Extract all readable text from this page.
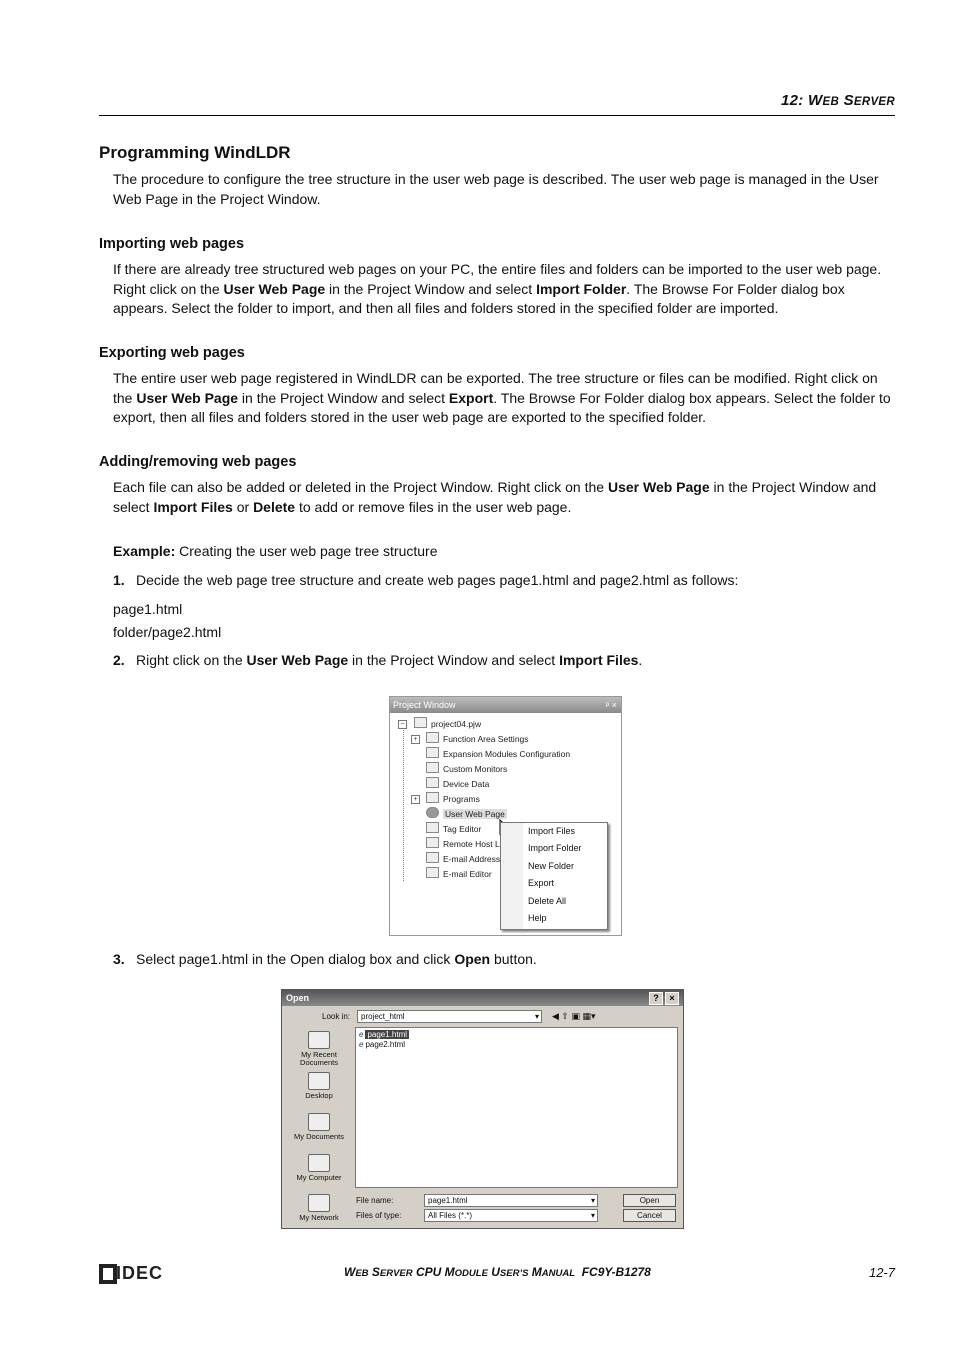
12: WEB SERVER
Programming WindLDR

The procedure to configure the tree structure in the user web page is described. The user web page is managed in the User Web Page in the Project Window.

Importing web pages

If there are already tree structured web pages on your PC, the entire files and folders can be imported to the user web page. Right click on the User Web Page in the Project Window and select Import Folder. The Browse For Folder dialog box appears. Select the folder to import, and then all files and folders stored in the specified folder are imported.

Exporting web pages

The entire user web page registered in WindLDR can be exported. The tree structure or files can be modified. Right click on the User Web Page in the Project Window and select Export. The Browse For Folder dialog box appears. Select the folder to export, then all files and folders stored in the user web page are exported to the specified folder.

Adding/removing web pages

Each file can also be added or deleted in the Project Window. Right click on the User Web Page in the Project Window and select Import Files or Delete to add or remove files in the user web page.

Example: Creating the user web page tree structure

1. Decide the web page tree structure and create web pages page1.html and page2.html as follows:

page1.html

folder/page2.html

2. Right click on the User Web Page in the Project Window and select Import Files.
Project Window	ᵖ ×
−	project04.pjw
+	Function Area Settings
Expansion Modules Configuration
Custom Monitors
Device Data
+	Programs
User Web Page
Tag Editor
Remote Host L
E-mail Address
E-mail Editor
Import Files
Import Folder
New Folder
Export
Delete All
Help
3. Select page1.html in the Open dialog box and click Open button.
Open	?	×
Look in:	project_html	▾ ◀ ⇧ ▣ ▦▾
My Recent Documents
Desktop
My Documents
My Computer
My Network
e page1.html
e page2.html
File name:	page1.html	▾
Files of type:	All Files (*.*)	▾
Open
Cancel
IDEC	WEB SERVER CPU MODULE USER’S MANUAL FC9Y-B1278	12-7
